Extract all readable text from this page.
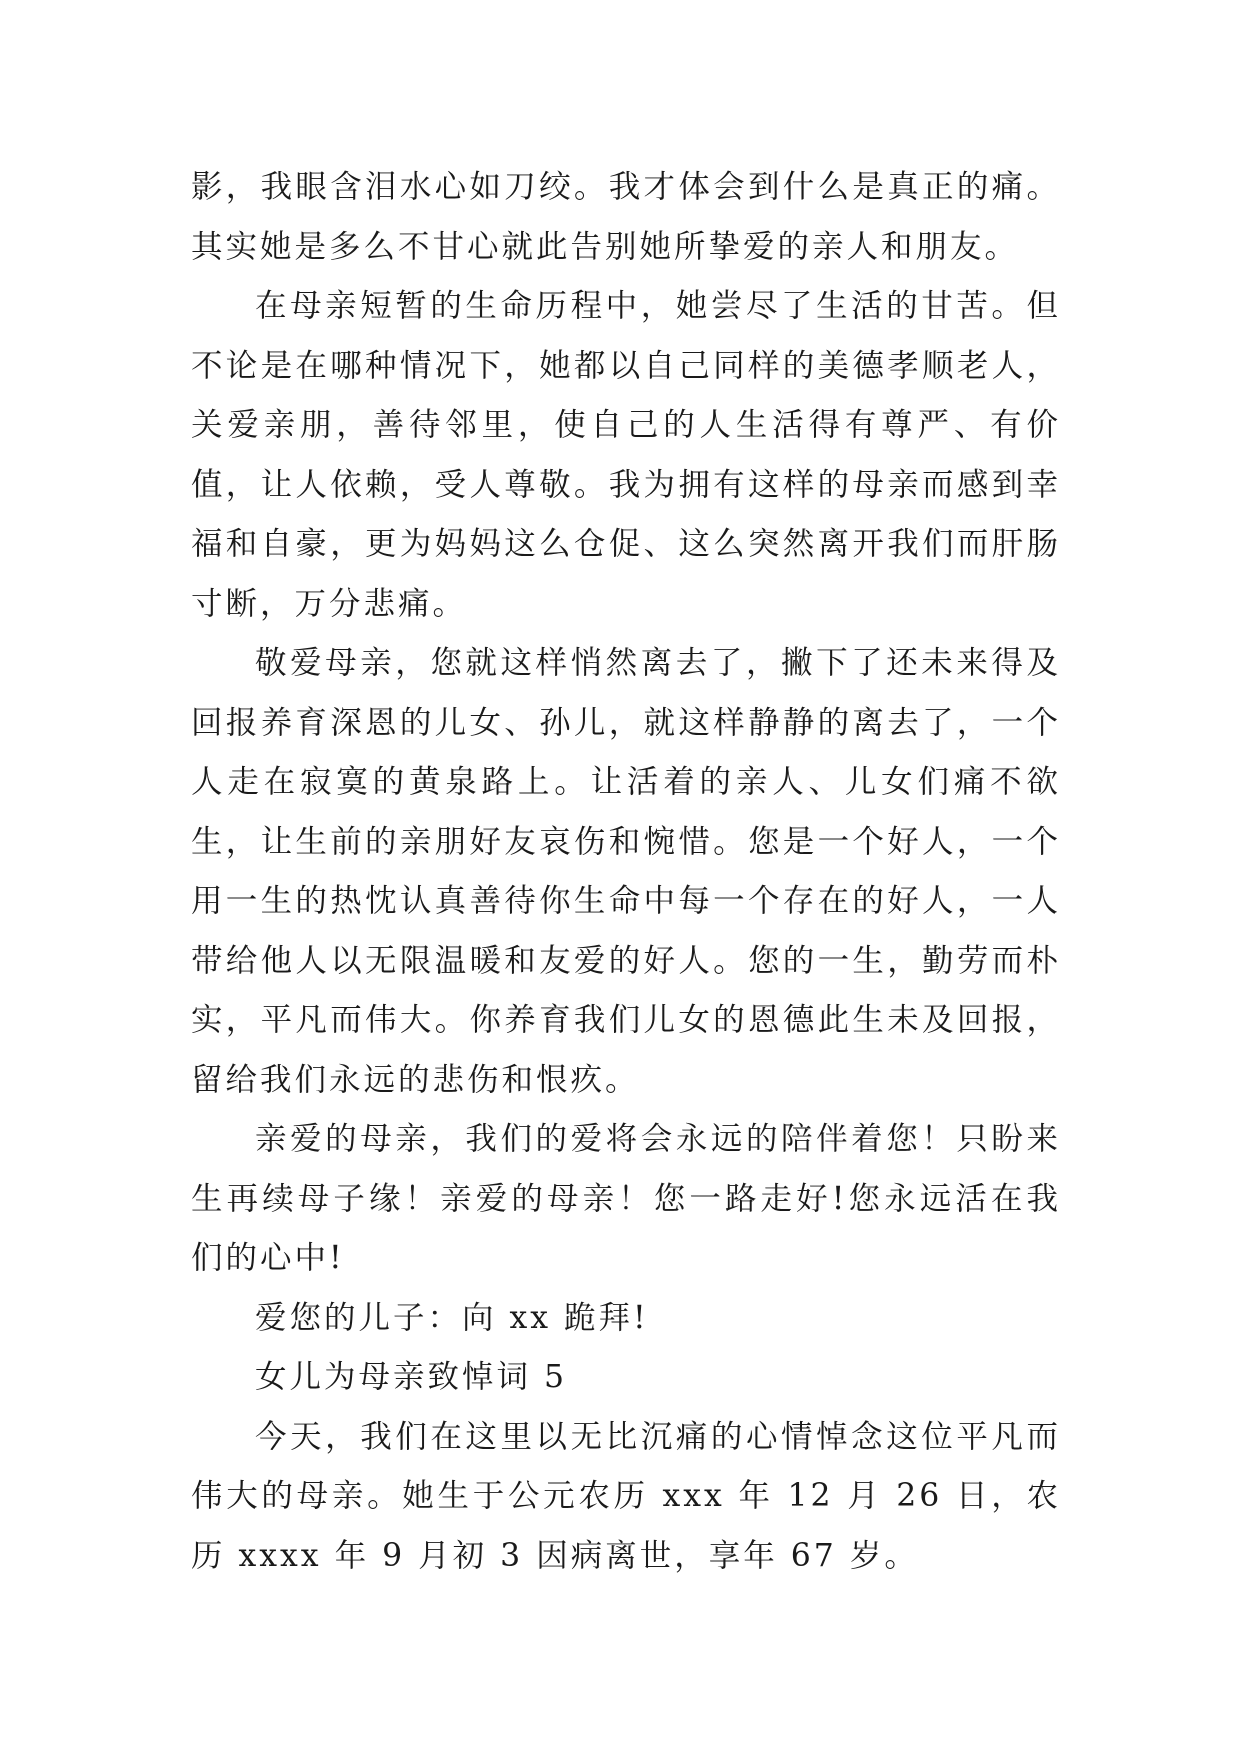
影，我眼含泪水心如刀绞。我才体会到什么是真正的痛。其实她是多么不甘心就此告别她所挚爱的亲人和朋友。

在母亲短暂的生命历程中，她尝尽了生活的甘苦。但不论是在哪种情况下，她都以自己同样的美德孝顺老人，关爱亲朋，善待邻里，使自己的人生活得有尊严、有价值，让人依赖，受人尊敬。我为拥有这样的母亲而感到幸福和自豪，更为妈妈这么仓促、这么突然离开我们而肝肠寸断，万分悲痛。

敬爱母亲，您就这样悄然离去了，撇下了还未来得及回报养育深恩的儿女、孙儿，就这样静静的离去了，一个人走在寂寞的黄泉路上。让活着的亲人、儿女们痛不欲生，让生前的亲朋好友哀伤和惋惜。您是一个好人，一个用一生的热忱认真善待你生命中每一个存在的好人，一人带给他人以无限温暖和友爱的好人。您的一生，勤劳而朴实，平凡而伟大。你养育我们儿女的恩德此生未及回报，留给我们永远的悲伤和恨疚。

亲爱的母亲，我们的爱将会永远的陪伴着您！只盼来生再续母子缘！亲爱的母亲！您一路走好!您永远活在我们的心中!

爱您的儿子：向 xx 跪拜!

女儿为母亲致悼词 5

今天，我们在这里以无比沉痛的心情悼念这位平凡而伟大的母亲。她生于公元农历 xxx 年 12 月 26 日，农历 xxxx 年 9 月初 3 因病离世，享年 67 岁。
